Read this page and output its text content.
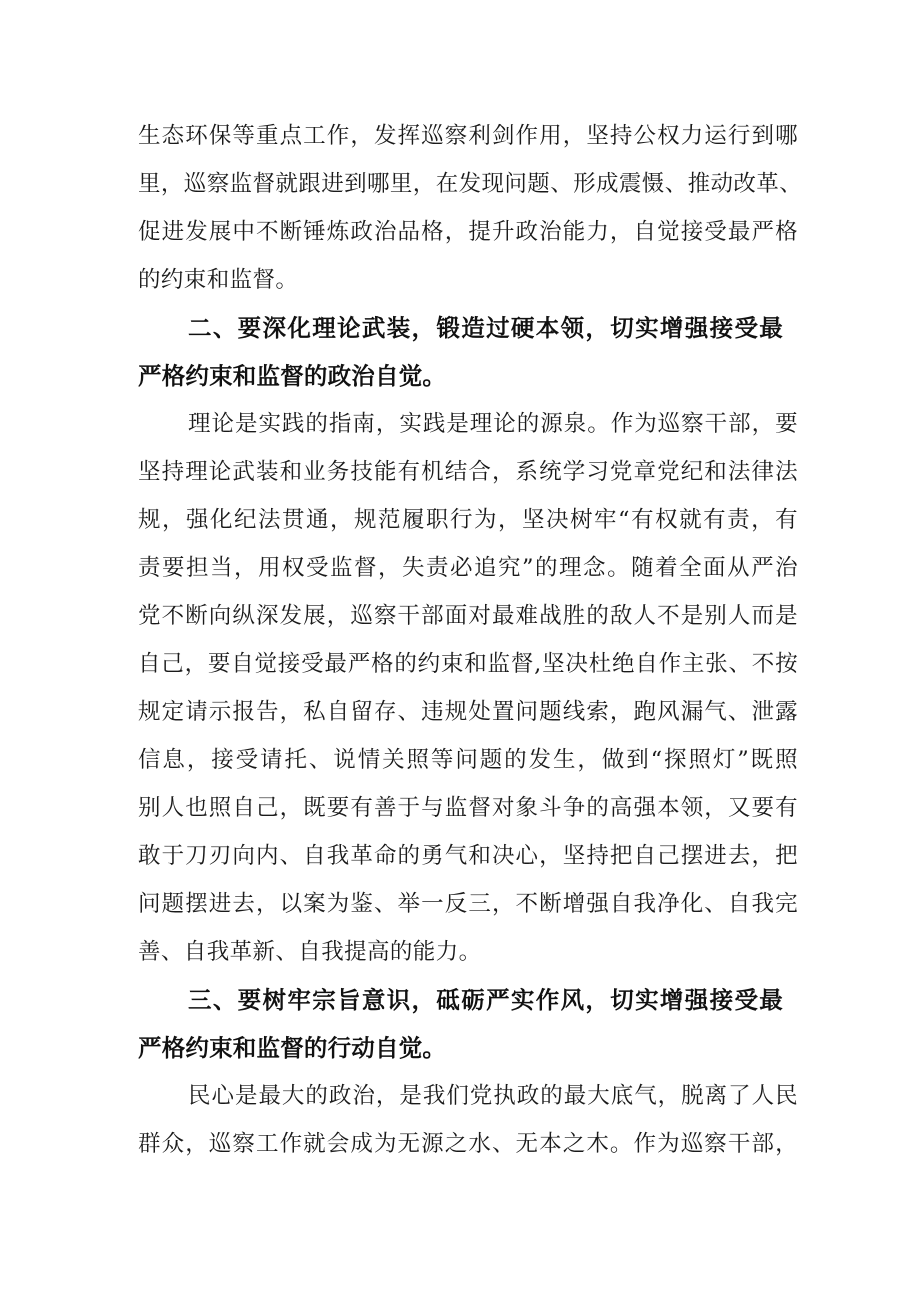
生态环保等重点工作，发挥巡察利剑作用，坚持公权力运行到哪
里，巡察监督就跟进到哪里，在发现问题、形成震慑、推动改革、
促进发展中不断锤炼政治品格，提升政治能力，自觉接受最严格
的约束和监督。
二、要深化理论武装，锻造过硬本领，切实增强接受最
严格约束和监督的政治自觉。
理论是实践的指南，实践是理论的源泉。作为巡察干部，要
坚持理论武装和业务技能有机结合，系统学习党章党纪和法律法
规，强化纪法贯通，规范履职行为，坚决树牢“有权就有责，有
责要担当，用权受监督，失责必追究”的理念。随着全面从严治
党不断向纵深发展，巡察干部面对最难战胜的敌人不是别人而是
自己，要自觉接受最严格的约束和监督,坚决杜绝自作主张、不按
规定请示报告，私自留存、违规处置问题线索，跑风漏气、泄露
信息，接受请托、说情关照等问题的发生，做到“探照灯”既照
别人也照自己，既要有善于与监督对象斗争的高强本领，又要有
敢于刀刃向内、自我革命的勇气和决心，坚持把自己摆进去，把
问题摆进去，以案为鉴、举一反三，不断增强自我净化、自我完
善、自我革新、自我提高的能力。
三、要树牢宗旨意识，砥砺严实作风，切实增强接受最
严格约束和监督的行动自觉。
民心是最大的政治，是我们党执政的最大底气，脱离了人民
群众，巡察工作就会成为无源之水、无本之木。作为巡察干部，
